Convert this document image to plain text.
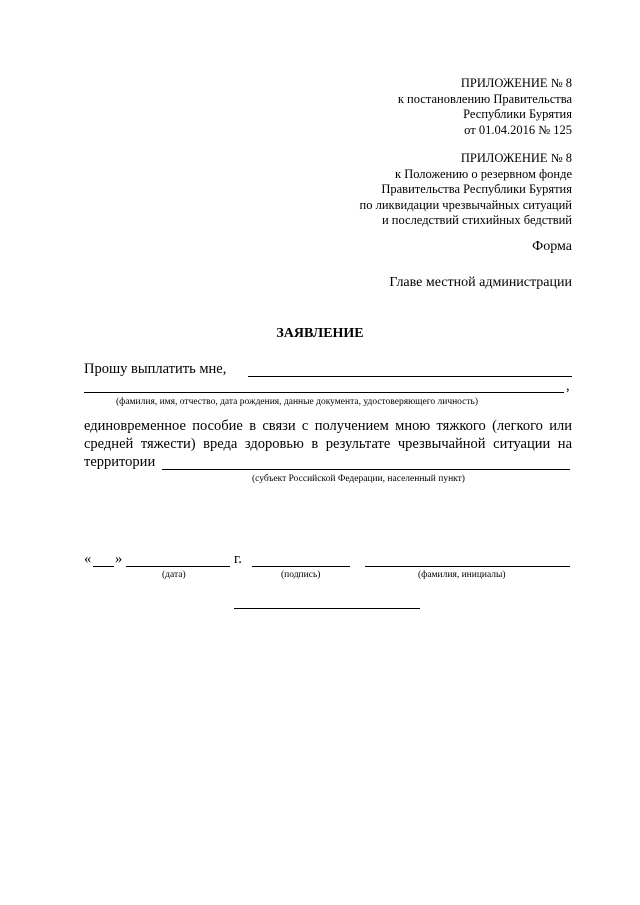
ПРИЛОЖЕНИЕ № 8
к постановлению Правительства
Республики Бурятия
от 01.04.2016 № 125
ПРИЛОЖЕНИЕ № 8
к Положению о резервном фонде
Правительства Республики Бурятия
по ликвидации чрезвычайных ситуаций
и последствий стихийных бедствий
Форма
Главе местной администрации
ЗАЯВЛЕНИЕ
Прошу выплатить мне,
,
(фамилия, имя, отчество, дата рождения, данные документа, удостоверяющего личность)
единовременное пособие в связи с получением мною тяжкого (легкого или
средней тяжести) вреда здоровью в результате чрезвычайной ситуации на
территории
(субъект Российской Федерации, населенный пункт)
« »	г.
(дата)	(подпись)	(фамилия, инициалы)
